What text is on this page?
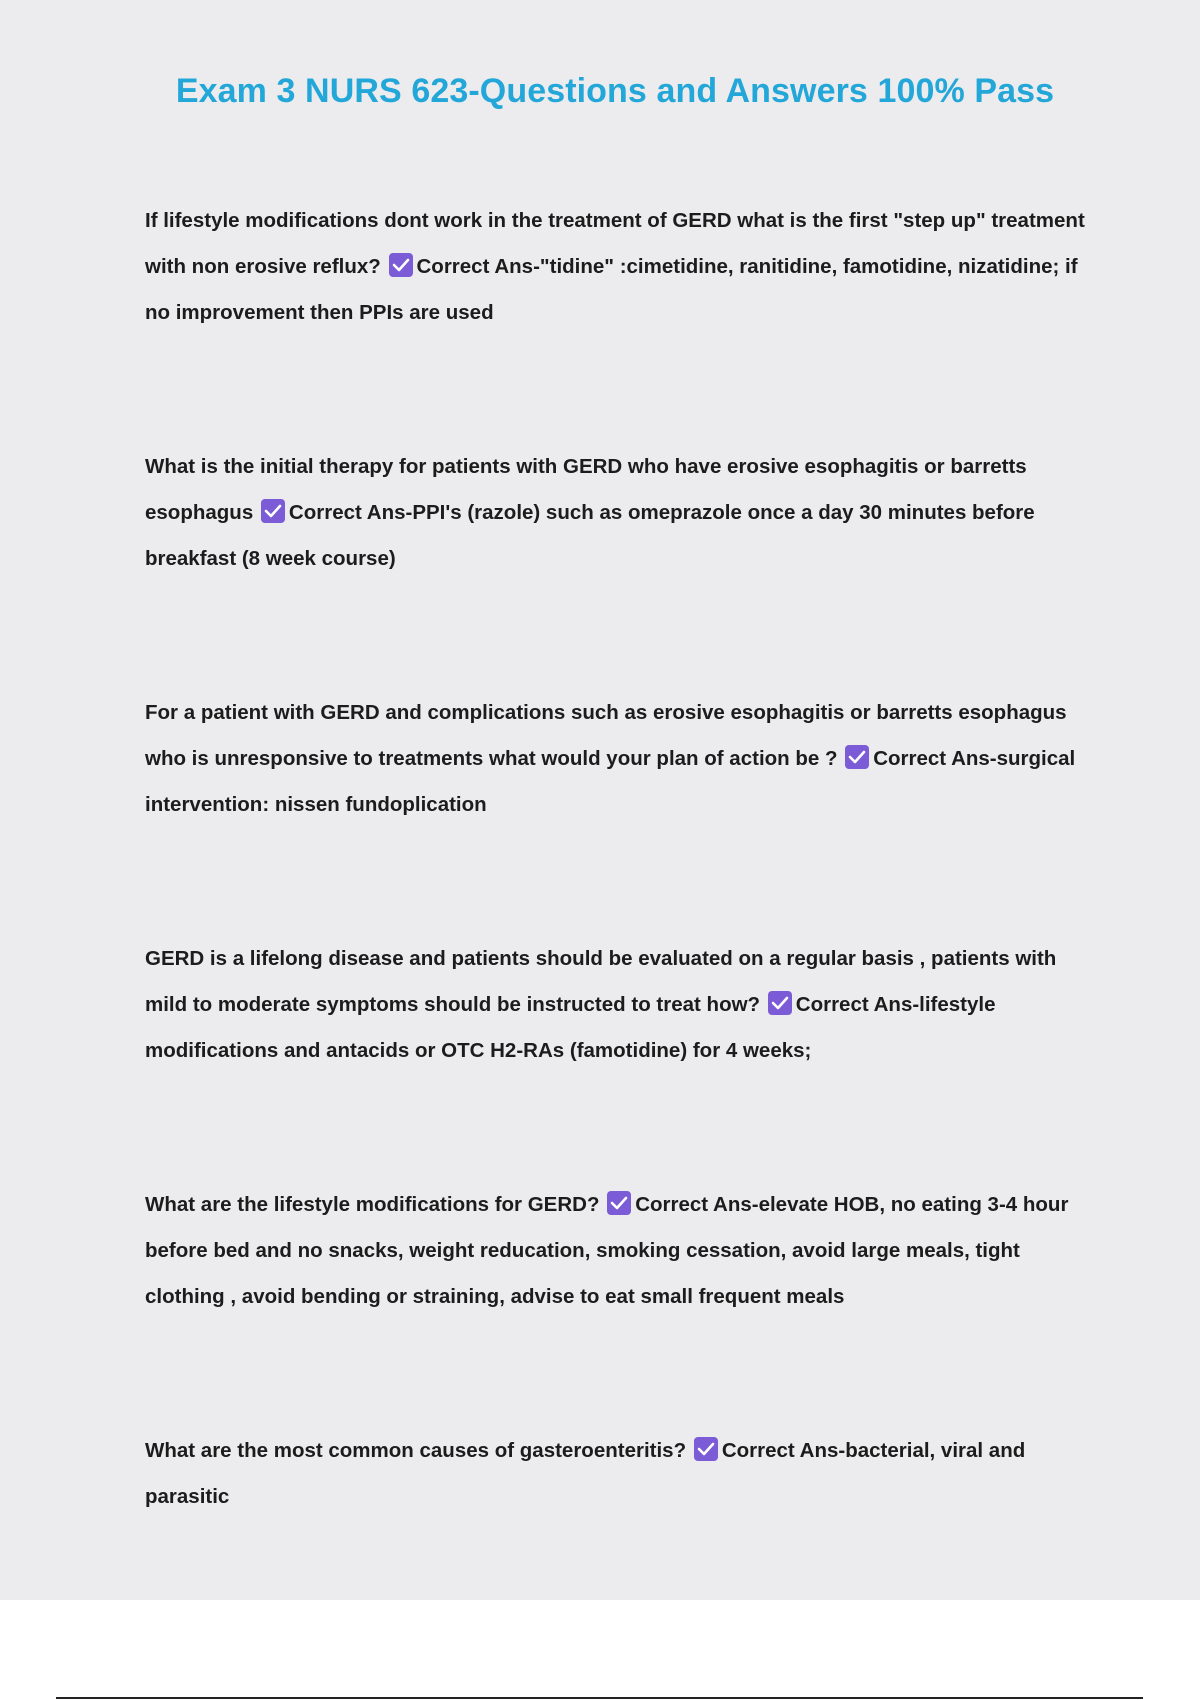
Exam 3 NURS 623-Questions and Answers 100% Pass
If lifestyle modifications dont work in the treatment of GERD what is the first "step up" treatment with non erosive reflux? Correct Ans-"tidine" :cimetidine, ranitidine, famotidine, nizatidine; if no improvement then PPIs are used
What is the initial therapy for patients with GERD who have erosive esophagitis or barretts esophagus Correct Ans-PPI's (razole) such as omeprazole once a day 30 minutes before breakfast (8 week course)
For a patient with GERD and complications such as erosive esophagitis or barretts esophagus who is unresponsive to treatments what would your plan of action be ? Correct Ans-surgical intervention: nissen fundoplication
GERD is a lifelong disease and patients should be evaluated on a regular basis , patients with mild to moderate symptoms should be instructed to treat how? Correct Ans-lifestyle modifications and antacids or OTC H2-RAs (famotidine) for 4 weeks;
What are the lifestyle modifications for GERD? Correct Ans-elevate HOB, no eating 3-4 hour before bed and no snacks, weight reducation, smoking cessation, avoid large meals, tight clothing , avoid bending or straining, advise to eat small frequent meals
What are the most common causes of gasteroenteritis? Correct Ans-bacterial, viral and parasitic
